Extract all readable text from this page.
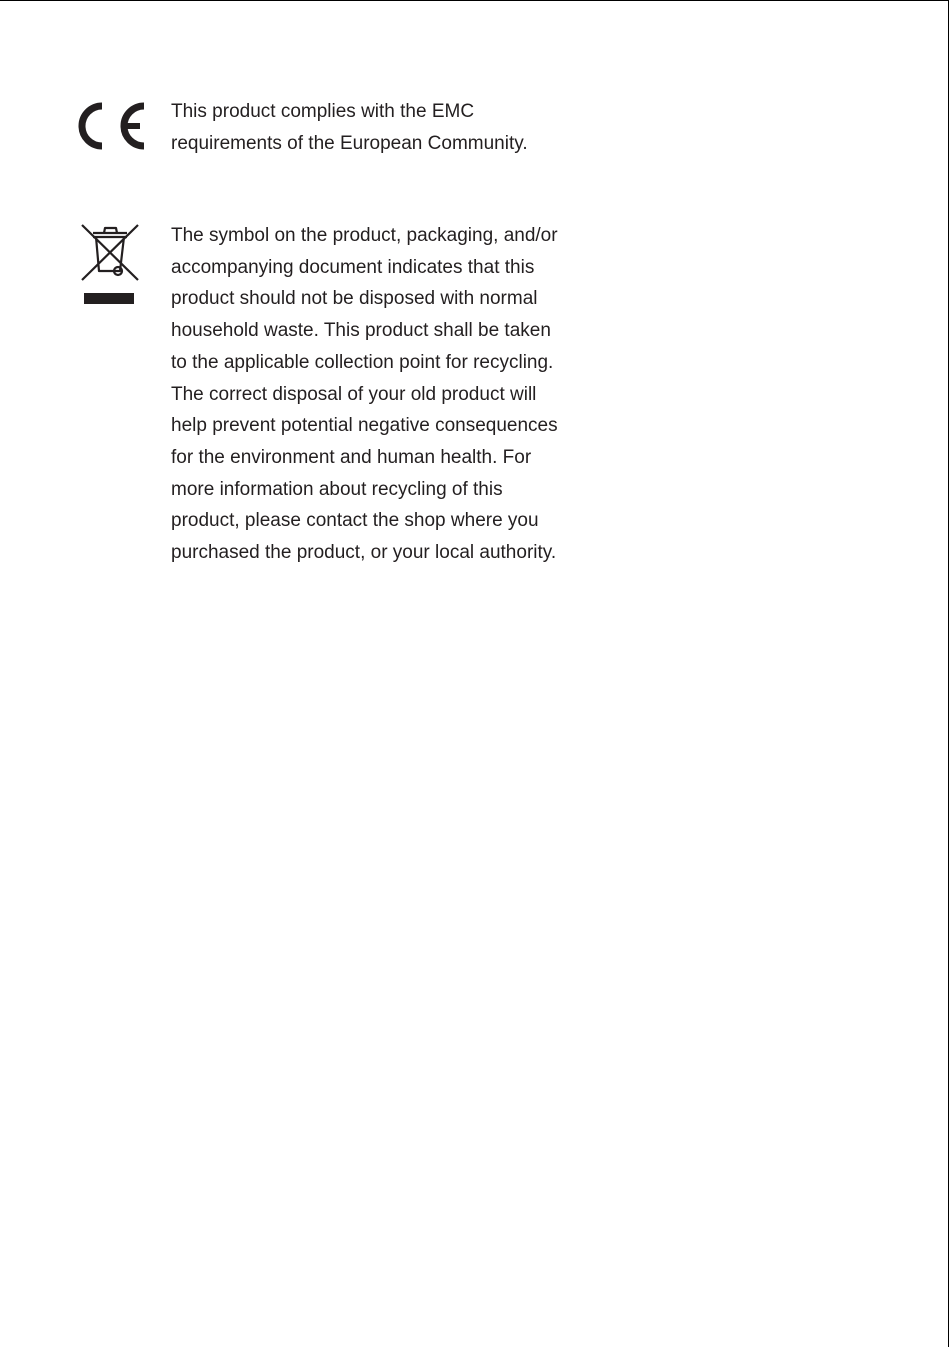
This product complies with the EMC
requirements of the European Community.

The symbol on the product, packaging, and/or
accompanying document indicates that this
product should not be disposed with normal
household waste. This product shall be taken
to the applicable collection point for recycling.
The correct disposal of your old product will
help prevent potential negative consequences
for the environment and human health. For
more information about recycling of this
product, please contact the shop where you
purchased the product, or your local authority.
